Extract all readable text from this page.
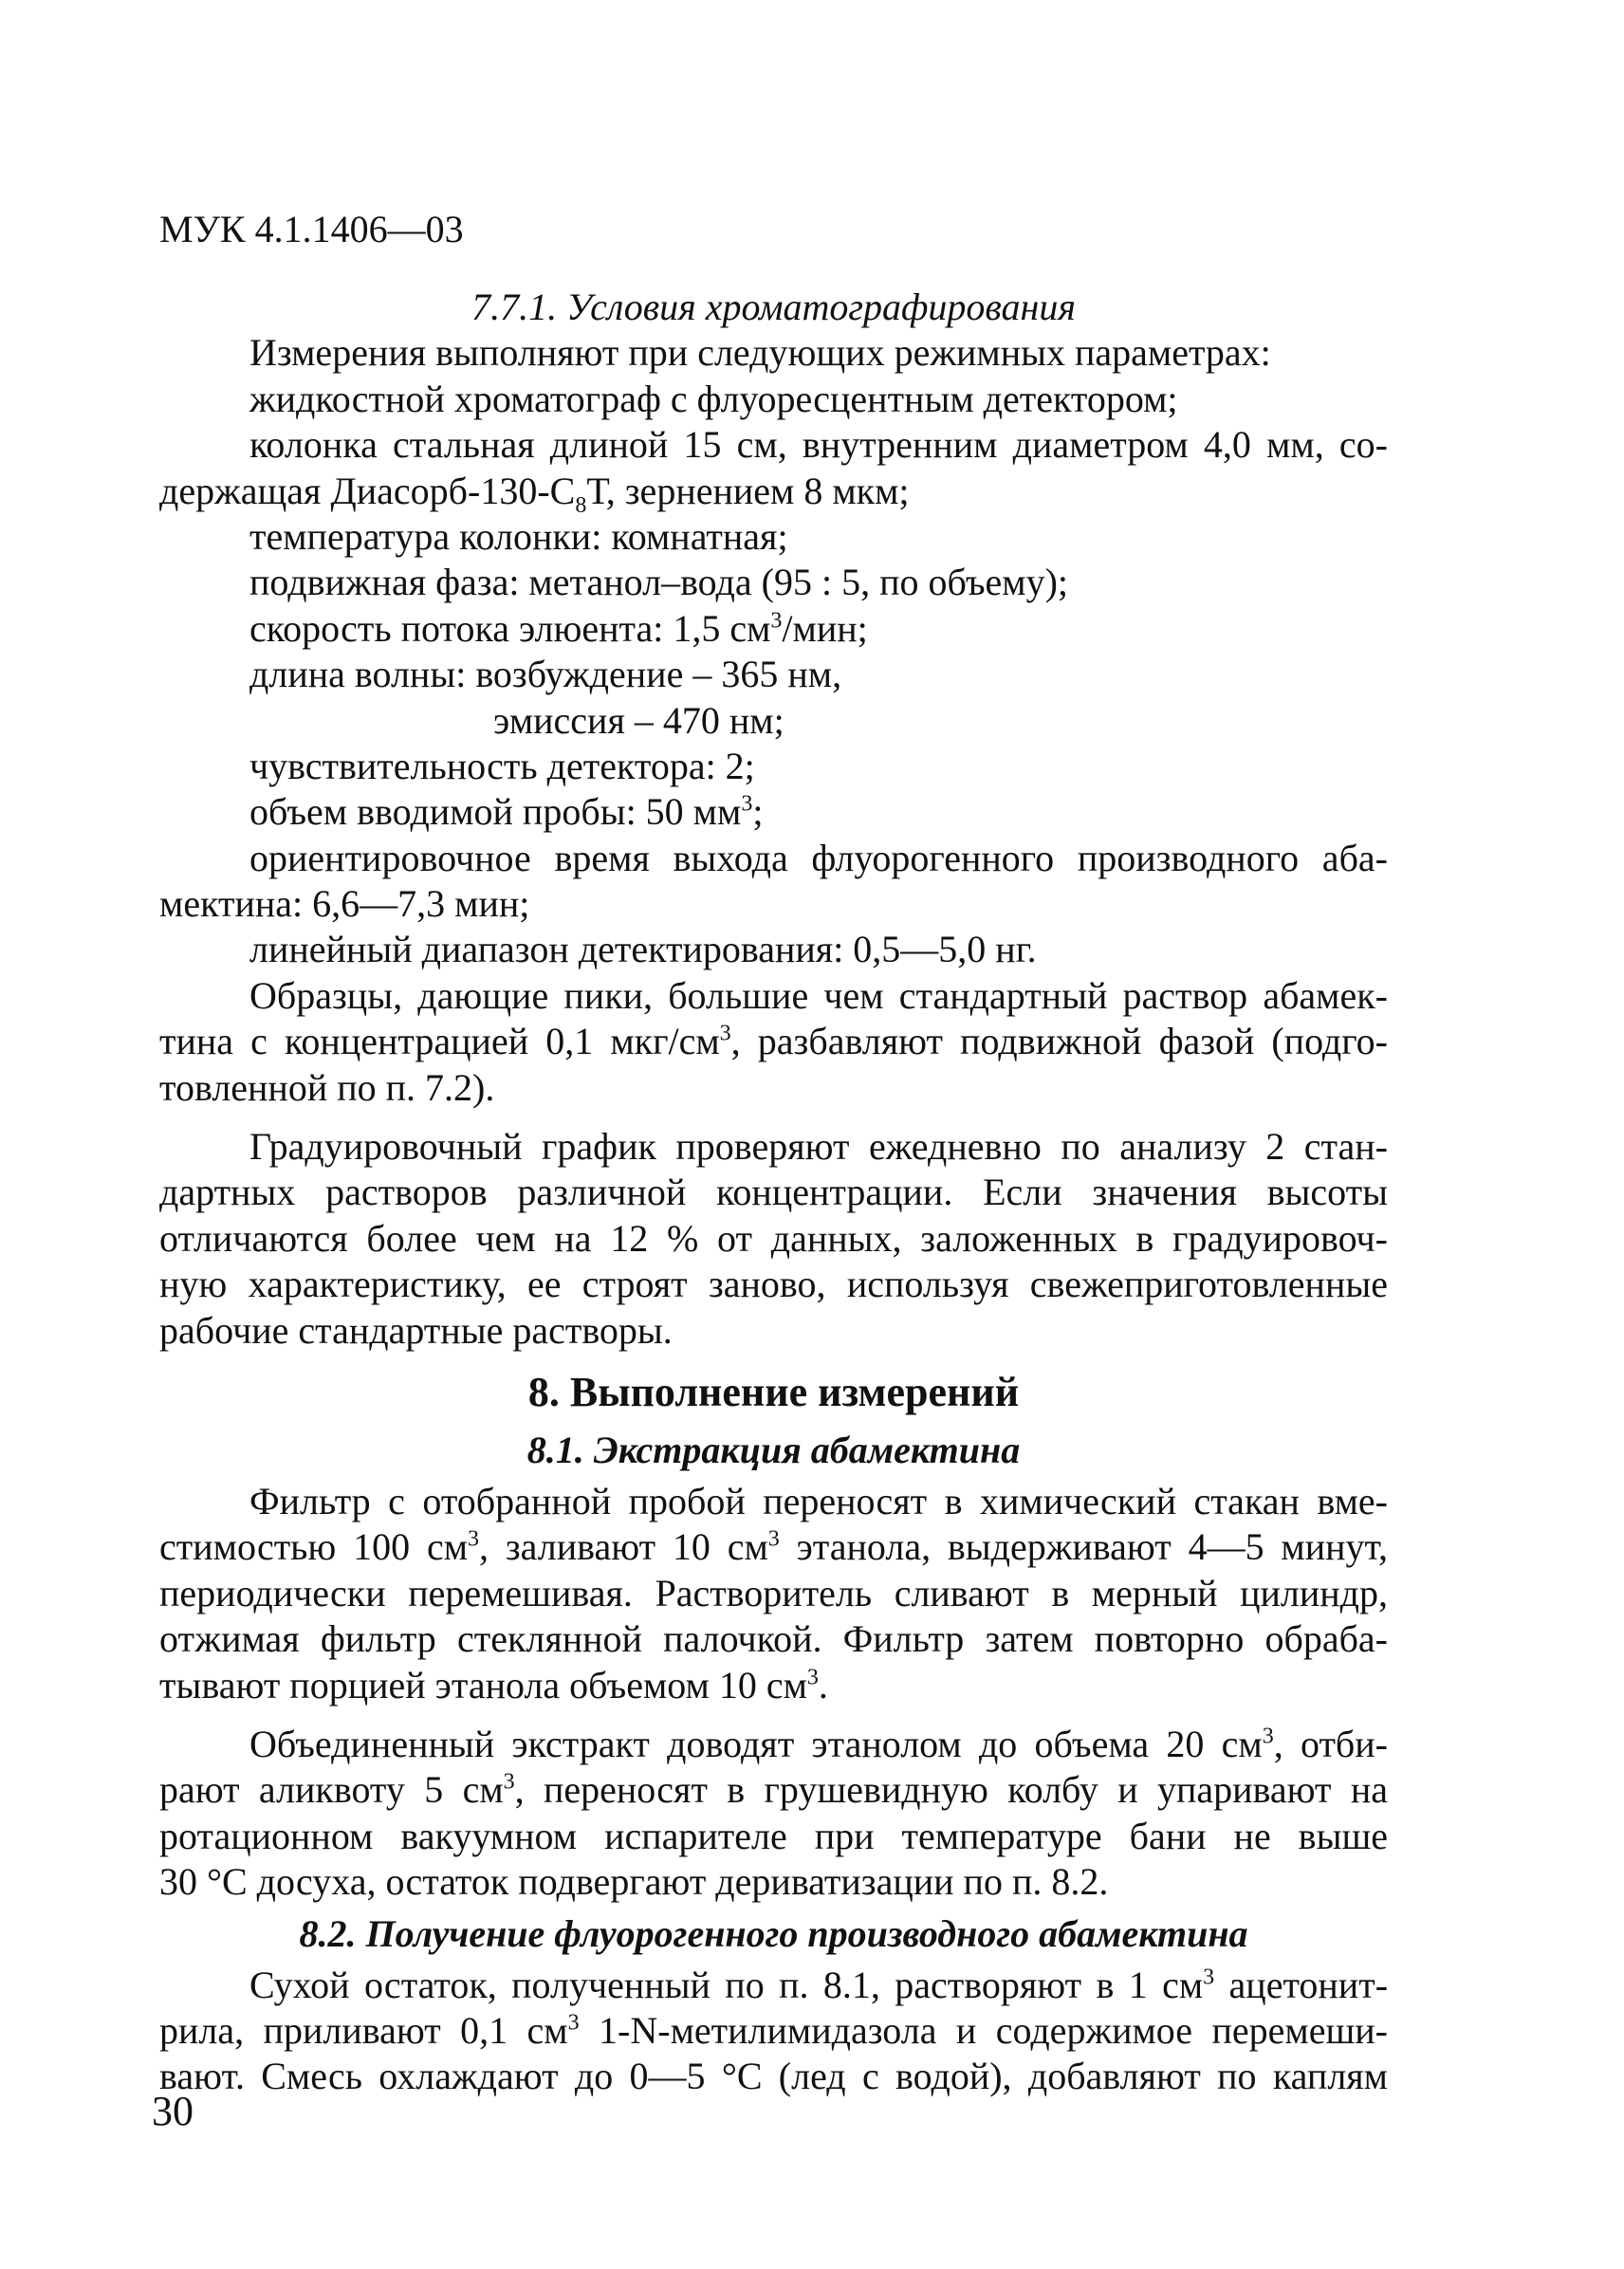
МУК 4.1.1406—03
7.7.1. Условия хроматографирования
Измерения выполняют при следующих режимных параметрах:
жидкостной хроматограф с флуоресцентным детектором;
колонка стальная длиной 15 см, внутренним диаметром 4,0 мм, со-
держащая Диасорб-$130-С_8Т$, зернением 8 мкм;
температура колонки: комнатная;
подвижная фаза: метанол–вода (95 : 5, по объему);
скорость потока элюента: 1,5 $см^3$/мин;
длина волны: возбуждение – 365 нм,
эмиссия – 470 нм;
чувствительность детектора: 2;
объем вводимой пробы: 50 $мм^3$;
ориентировочное время выхода флуорогенного производного аба-
мектина: 6,6—7,3 мин;
линейный диапазон детектирования: 0,5—5,0 нг.
Образцы, дающие пики, большие чем стандартный раствор абамек-
тина с концентрацией 0,1 мкг/$см^3$, разбавляют подвижной фазой (подго-
товленной по п. 7.2).
Градуировочный график проверяют ежедневно по анализу 2 стан-
дартных растворов различной концентрации. Если значения высоты
отличаются более чем на 12 % от данных, заложенных в градуировоч-
ную характеристику, ее строят заново, используя свежеприготовленные
рабочие стандартные растворы.
8. Выполнение измерений
8.1. Экстракция абамектина
Фильтр с отобранной пробой переносят в химический стакан вме-
стимостью 100 $см^3$, заливают 10 $см^3$ этанола, выдерживают 4—5 минут,
периодически перемешивая. Растворитель сливают в мерный цилиндр,
отжимая фильтр стеклянной палочкой. Фильтр затем повторно обраба-
тывают порцией этанола объемом 10 $см^3$.
Объединенный экстракт доводят этанолом до объема 20 $см^3$, отби-
рают аликвоту 5 $см^3$, переносят в грушевидную колбу и упаривают на
ротационном вакуумном испарителе при температуре бани не выше
30 °С досуха, остаток подвергают дериватизации по п. 8.2.
8.2. Получение флуорогенного производного абамектина
Сухой остаток, полученный по п. 8.1, растворяют в 1 $см^3$ ацетонит-
рила, приливают 0,1 $см^3$ 1-N-метилимидазола и содержимое перемеши-
вают. Смесь охлаждают до 0—5 °С (лед с водой), добавляют по каплям
30
